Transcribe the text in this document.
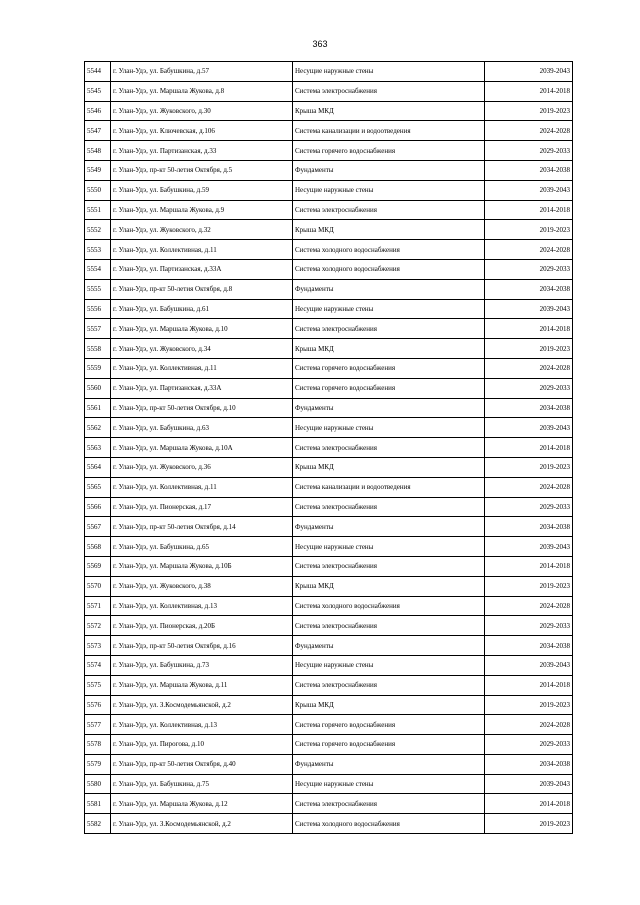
363
5544	г. Улан-Удэ, ул. Бабушкина, д.57	Несущие наружные стены	2039-2043
5545	г. Улан-Удэ, ул. Маршала Жукова, д.8	Система электроснабжения	2014-2018
5546	г. Улан-Удэ, ул. Жуковского, д.30	Крыша МКД	2019-2023
5547	г. Улан-Удэ, ул. Ключевская, д.106	Система канализации и водоотведения	2024-2028
5548	г. Улан-Удэ, ул. Партизанская, д.33	Система горячего водоснабжения	2029-2033
5549	г. Улан-Удэ, пр-кт 50-летия Октября, д.5	Фундаменты	2034-2038
5550	г. Улан-Удэ, ул. Бабушкина, д.59	Несущие наружные стены	2039-2043
5551	г. Улан-Удэ, ул. Маршала Жукова, д.9	Система электроснабжения	2014-2018
5552	г. Улан-Удэ, ул. Жуковского, д.32	Крыша МКД	2019-2023
5553	г. Улан-Удэ, ул. Коллективная, д.11	Система холодного водоснабжения	2024-2028
5554	г. Улан-Удэ, ул. Партизанская, д.33А	Система холодного водоснабжения	2029-2033
5555	г. Улан-Удэ, пр-кт 50-летия Октября, д.8	Фундаменты	2034-2038
5556	г. Улан-Удэ, ул. Бабушкина, д.61	Несущие наружные стены	2039-2043
5557	г. Улан-Удэ, ул. Маршала Жукова, д.10	Система электроснабжения	2014-2018
5558	г. Улан-Удэ, ул. Жуковского, д.34	Крыша МКД	2019-2023
5559	г. Улан-Удэ, ул. Коллективная, д.11	Система горячего водоснабжения	2024-2028
5560	г. Улан-Удэ, ул. Партизанская, д.33А	Система горячего водоснабжения	2029-2033
5561	г. Улан-Удэ, пр-кт 50-летия Октября, д.10	Фундаменты	2034-2038
5562	г. Улан-Удэ, ул. Бабушкина, д.63	Несущие наружные стены	2039-2043
5563	г. Улан-Удэ, ул. Маршала Жукова, д.10А	Система электроснабжения	2014-2018
5564	г. Улан-Удэ, ул. Жуковского, д.36	Крыша МКД	2019-2023
5565	г. Улан-Удэ, ул. Коллективная, д.11	Система канализации и водоотведения	2024-2028
5566	г. Улан-Удэ, ул. Пионерская, д.17	Система электроснабжения	2029-2033
5567	г. Улан-Удэ, пр-кт 50-летия Октября, д.14	Фундаменты	2034-2038
5568	г. Улан-Удэ, ул. Бабушкина, д.65	Несущие наружные стены	2039-2043
5569	г. Улан-Удэ, ул. Маршала Жукова, д.10Б	Система электроснабжения	2014-2018
5570	г. Улан-Удэ, ул. Жуковского, д.38	Крыша МКД	2019-2023
5571	г. Улан-Удэ, ул. Коллективная, д.13	Система холодного водоснабжения	2024-2028
5572	г. Улан-Удэ, ул. Пионерская, д.20Б	Система электроснабжения	2029-2033
5573	г. Улан-Удэ, пр-кт 50-летия Октября, д.16	Фундаменты	2034-2038
5574	г. Улан-Удэ, ул. Бабушкина, д.73	Несущие наружные стены	2039-2043
5575	г. Улан-Удэ, ул. Маршала Жукова, д.11	Система электроснабжения	2014-2018
5576	г. Улан-Удэ, ул. З.Космодемьянской, д.2	Крыша МКД	2019-2023
5577	г. Улан-Удэ, ул. Коллективная, д.13	Система горячего водоснабжения	2024-2028
5578	г. Улан-Удэ, ул. Пирогова, д.10	Система горячего водоснабжения	2029-2033
5579	г. Улан-Удэ, пр-кт 50-летия Октября, д.40	Фундаменты	2034-2038
5580	г. Улан-Удэ, ул. Бабушкина, д.75	Несущие наружные стены	2039-2043
5581	г. Улан-Удэ, ул. Маршала Жукова, д.12	Система электроснабжения	2014-2018
5582	г. Улан-Удэ, ул. З.Космодемьянской, д.2	Система холодного водоснабжения	2019-2023
